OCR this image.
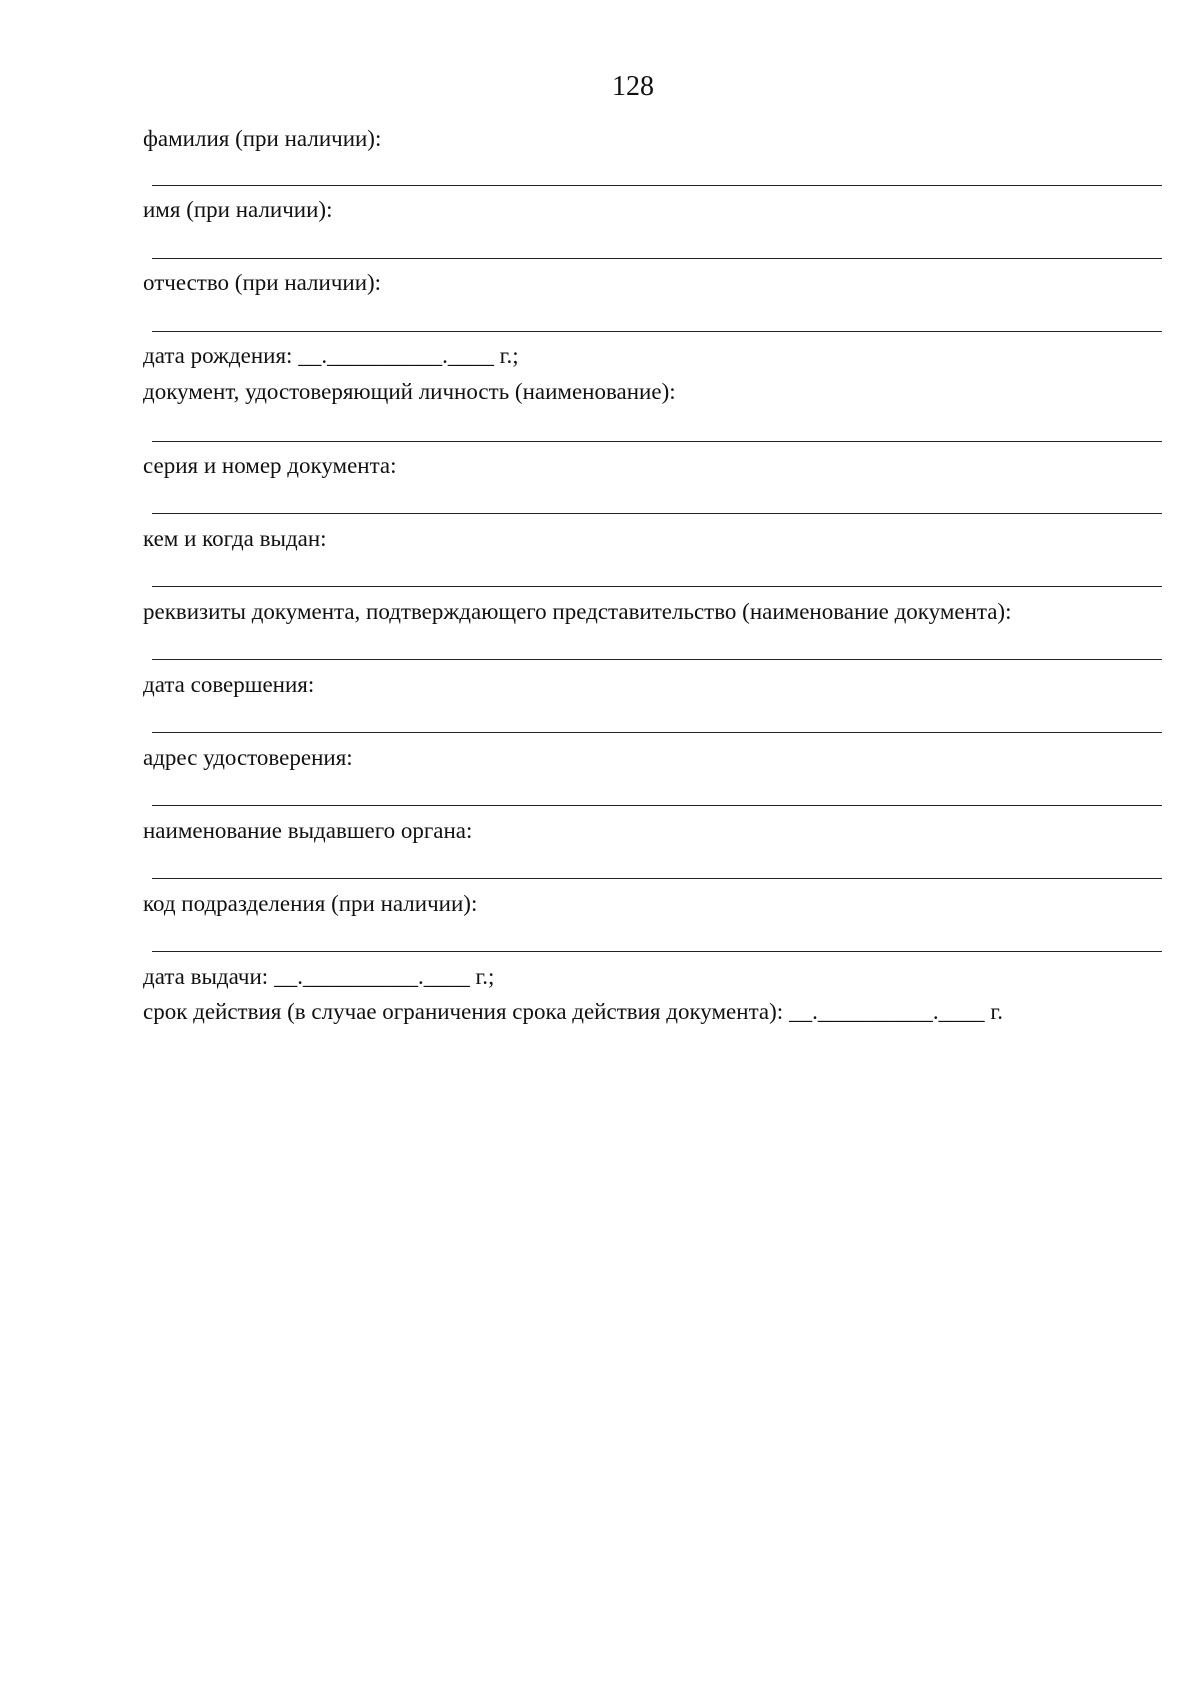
128
фамилия (при наличии):
имя (при наличии):
отчество (при наличии):
дата рождения: __.__________.____ г.;
документ, удостоверяющий личность (наименование):
серия и номер документа:
кем и когда выдан:
реквизиты документа, подтверждающего представительство (наименование документа):
дата совершения:
адрес удостоверения:
наименование выдавшего органа:
код подразделения (при наличии):
дата выдачи: __.__________.____ г.;
срок действия (в случае ограничения срока действия документа): __.__________.____ г.
